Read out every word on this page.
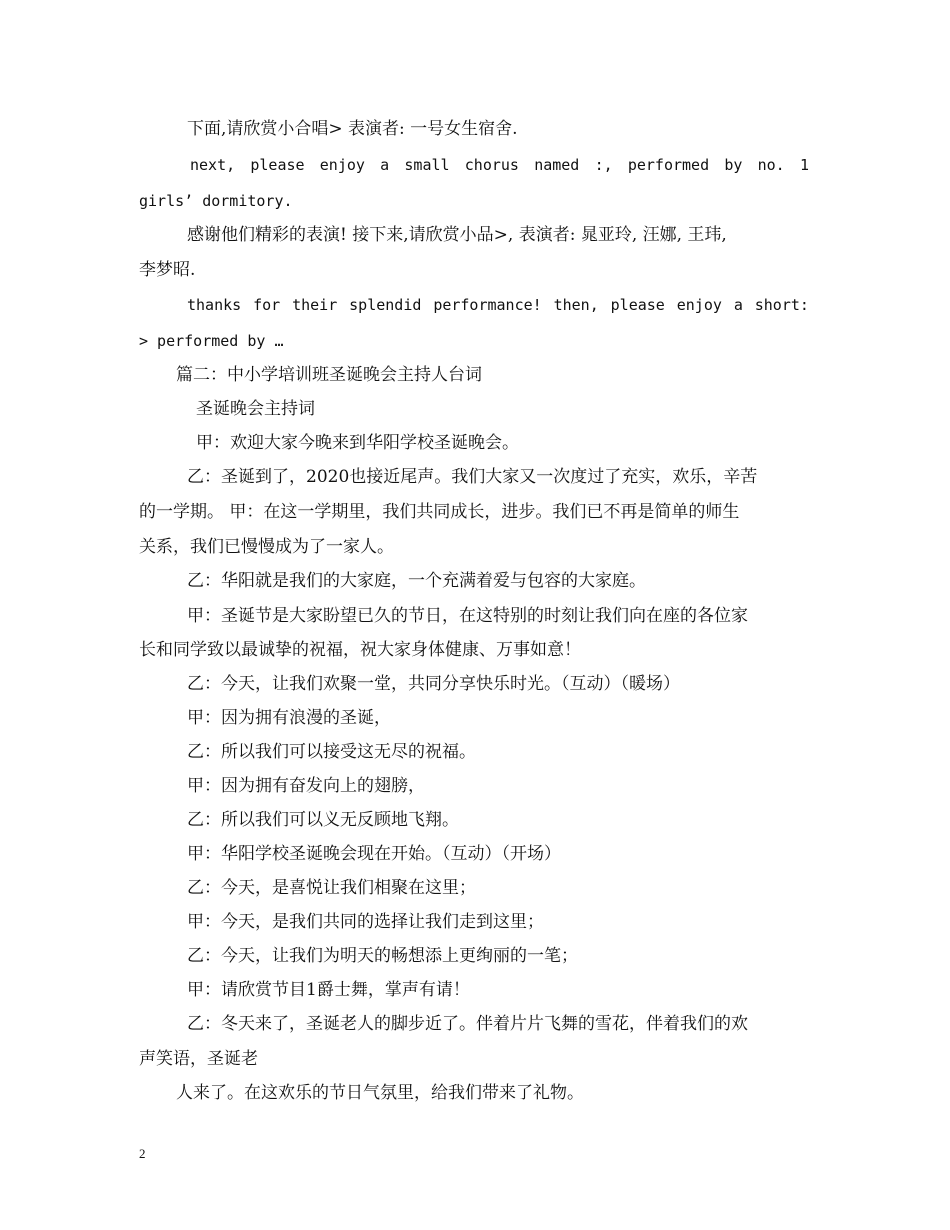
下面,请欣赏小合唱> 表演者: 一号女生宿舍.
next, please enjoy a small chorus named :, performed by no. 1
girls’ dormitory.
感谢他们精彩的表演! 接下来,请欣赏小品>, 表演者: 晁亚玲, 汪娜, 王玮,
李梦昭.
thanks for their splendid performance! then, please enjoy a short:
> performed by …
篇二：中小学培训班圣诞晚会主持人台词
圣诞晚会主持词
甲：欢迎大家今晚来到华阳学校圣诞晚会。
乙：圣诞到了，2020也接近尾声。我们大家又一次度过了充实，欢乐，辛苦
的一学期。 甲：在这一学期里，我们共同成长，进步。我们已不再是简单的师生
关系，我们已慢慢成为了一家人。
乙：华阳就是我们的大家庭，一个充满着爱与包容的大家庭。
甲：圣诞节是大家盼望已久的节日，在这特别的时刻让我们向在座的各位家
长和同学致以最诚挚的祝福，祝大家身体健康、万事如意！
乙：今天，让我们欢聚一堂，共同分享快乐时光。（互动）（暖场）
甲：因为拥有浪漫的圣诞，
乙：所以我们可以接受这无尽的祝福。
甲：因为拥有奋发向上的翅膀，
乙：所以我们可以义无反顾地飞翔。
甲：华阳学校圣诞晚会现在开始。（互动）（开场）
乙：今天，是喜悦让我们相聚在这里；
甲：今天，是我们共同的选择让我们走到这里；
乙：今天，让我们为明天的畅想添上更绚丽的一笔；
甲：请欣赏节目1爵士舞，掌声有请！
乙：冬天来了，圣诞老人的脚步近了。伴着片片飞舞的雪花，伴着我们的欢
声笑语，圣诞老
人来了。在这欢乐的节日气氛里，给我们带来了礼物。
2
